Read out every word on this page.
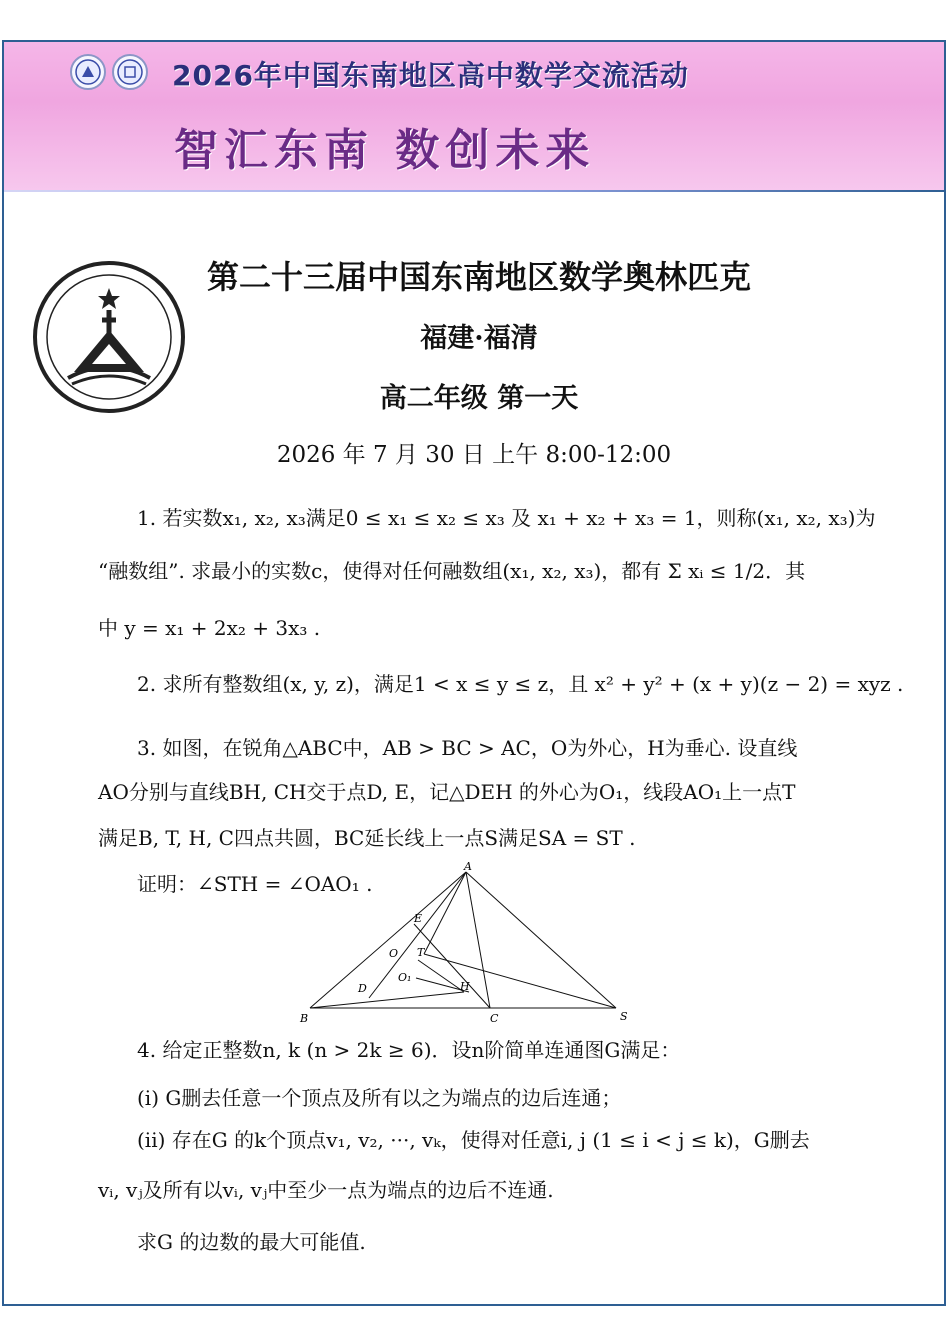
2026年中国东南地区高中数学交流活动
智汇东南 数创未来
第二十三届中国东南地区数学奥林匹克
福建·福清
高二年级 第一天
2026 年 7 月 30 日 上午 8:00-12:00
1. 若实数x₁, x₂, x₃满足0 ≤ x₁ ≤ x₂ ≤ x₃ 及 x₁ + x₂ + x₃ = 1，则称(x₁, x₂, x₃)为
“融数组”. 求最小的实数c，使得对任何融数组(x₁, x₂, x₃)，都有 Σ xᵢ ≤ 1/2．其
中 y = x₁ + 2x₂ + 3x₃ .
2. 求所有整数组(x, y, z)，满足1 < x ≤ y ≤ z，且 x² + y² + (x + y)(z − 2) = xyz .
3. 如图，在锐角△ABC中，AB > BC > AC，O为外心，H为垂心. 设直线
AO分别与直线BH, CH交于点D, E，记△DEH 的外心为O₁，线段AO₁上一点T
满足B, T, H, C四点共圆，BC延长线上一点S满足SA = ST .
证明：∠STH = ∠OAO₁ .
A
B	C	S
E
O T
O₁
D	H
4. 给定正整数n, k (n > 2k ≥ 6)．设n阶简单连通图G满足：
(i) G删去任意一个顶点及所有以之为端点的边后连通；
(ii) 存在G 的k个顶点v₁, v₂, ···, vₖ，使得对任意i, j (1 ≤ i < j ≤ k)，G删去
vᵢ, vⱼ及所有以vᵢ, vⱼ中至少一点为端点的边后不连通.
求G 的边数的最大可能值.
